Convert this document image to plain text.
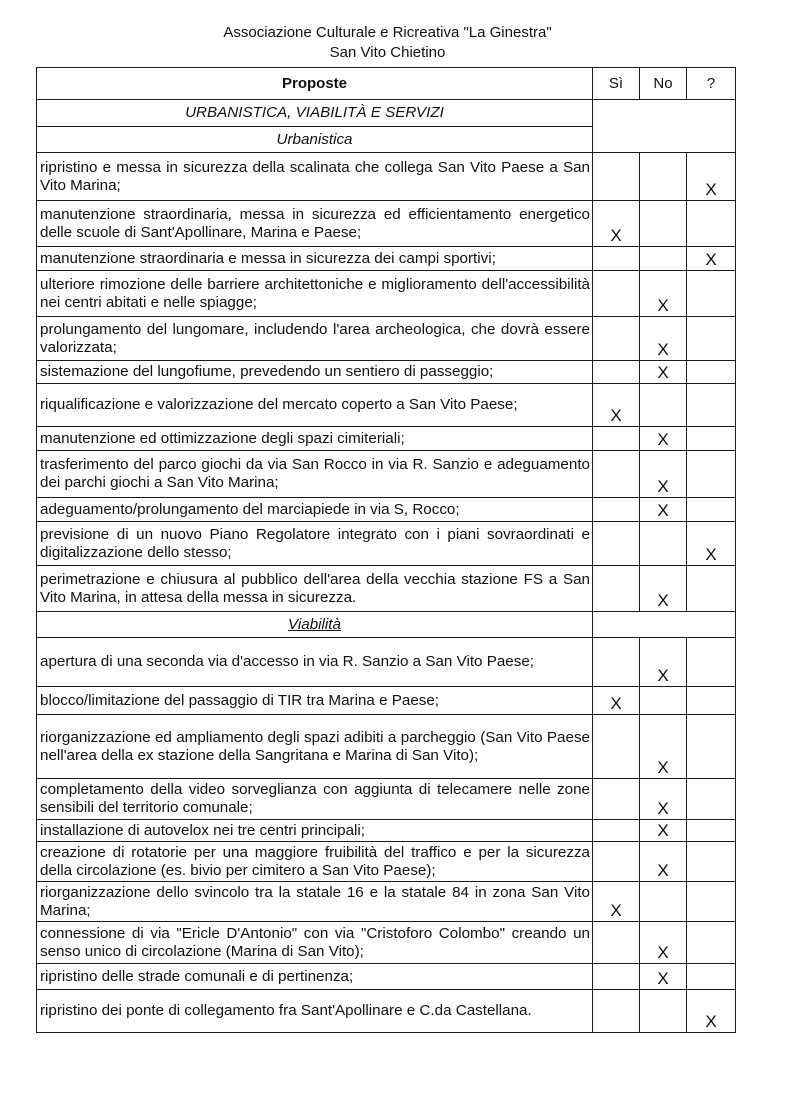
Associazione Culturale e Ricreativa "La Ginestra"
San Vito Chietino
Proposte	Sì	No	?
URBANISTICA, VIABILITÀ E SERVIZI			
Urbanistica			
ripristino e messa in sicurezza della scalinata che collega San Vito Paese a San Vito Marina;			X

manutenzione straordinaria, messa in sicurezza ed efficientamento energetico delle scuole di Sant'Apollinare, Marina e Paese;	X		

manutenzione straordinaria e messa in sicurezza dei campi sportivi;			X

ulteriore rimozione delle barriere architettoniche e miglioramento dell'accessibilità nei centri abitati e nelle spiagge;		X	

prolungamento del lungomare, includendo l'area archeologica, che dovrà essere valorizzata;		X	

sistemazione del lungofiume, prevedendo un sentiero di passeggio;		X	

riqualificazione e valorizzazione del mercato coperto a San Vito Paese;	X		

manutenzione ed ottimizzazione degli spazi cimiteriali;		X	

trasferimento del parco giochi da via San Rocco in via R. Sanzio e adeguamento dei parchi giochi a San Vito Marina;		X	

adeguamento/prolungamento del marciapiede in via S, Rocco;		X	

previsione di un nuovo Piano Regolatore integrato con i piani sovraordinati e digitalizzazione dello stesso;			X

perimetrazione e chiusura al pubblico dell'area della vecchia stazione FS a San Vito Marina, in attesa della messa in sicurezza.		X	

Viabilità			
apertura di una seconda via d'accesso in via R. Sanzio a San Vito Paese;		X	

blocco/limitazione del passaggio di TIR tra Marina e Paese;	X		

riorganizzazione ed ampliamento degli spazi adibiti a parcheggio (San Vito Paese nell'area della ex stazione della Sangritana e Marina di San Vito);		X	

completamento della video sorveglianza con aggiunta di telecamere nelle zone sensibili del territorio comunale;		X	

installazione di autovelox nei tre centri principali;		X	

creazione di rotatorie per una maggiore fruibilità del traffico e per la sicurezza della circolazione (es. bivio per cimitero a San Vito Paese);		X	

riorganizzazione dello svincolo tra la statale 16 e la statale 84 in zona San Vito Marina;	X		

connessione di via "Ericle D'Antonio" con via "Cristoforo Colombo" creando un senso unico di circolazione (Marina di San Vito);		X	

ripristino delle strade comunali e di pertinenza;		X	

ripristino dei ponte di collegamento fra Sant'Apollinare e C.da Castellana.			X
